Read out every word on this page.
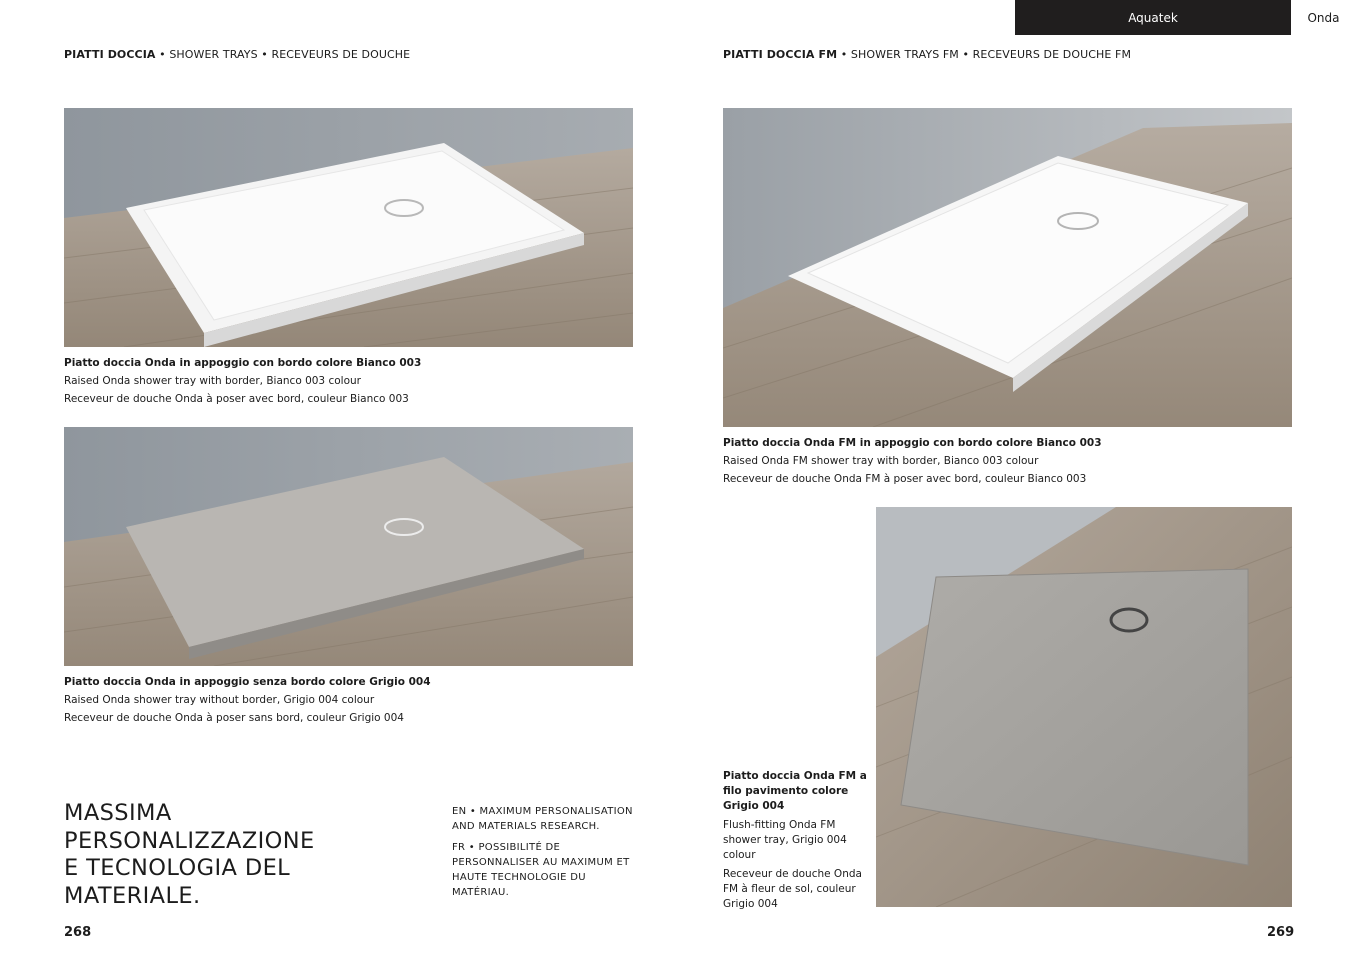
Aquatek	Onda
PIATTI DOCCIA • SHOWER TRAYS • RECEVEURS DE DOUCHE	PIATTI DOCCIA FM • SHOWER TRAYS FM • RECEVEURS DE DOUCHE FM
Piatto doccia Onda in appoggio con bordo colore Bianco 003
Raised Onda shower tray with border, Bianco 003 colour
Receveur de douche Onda à poser avec bord, couleur Bianco 003
Piatto doccia Onda in appoggio senza bordo colore Grigio 004
Raised Onda shower tray without border, Grigio 004 colour
Receveur de douche Onda à poser sans bord, couleur Grigio 004
MASSIMA
PERSONALIZZAZIONE
E TECNOLOGIA DEL
MATERIALE.

EN • MAXIMUM PERSONALISATION AND MATERIALS RESEARCH.

FR • POSSIBILITÉ DE PERSONNALISER AU MAXIMUM ET HAUTE TECHNOLOGIE DU MATÉRIAU.

268
Piatto doccia Onda FM in appoggio con bordo colore Bianco 003
Raised Onda FM shower tray with border, Bianco 003 colour
Receveur de douche Onda FM à poser avec bord, couleur Bianco 003
Piatto doccia Onda FM a filo pavimento colore Grigio 004
Flush-fitting Onda FM shower tray, Grigio 004 colour
Receveur de douche Onda FM à fleur de sol, couleur Grigio 004
269
